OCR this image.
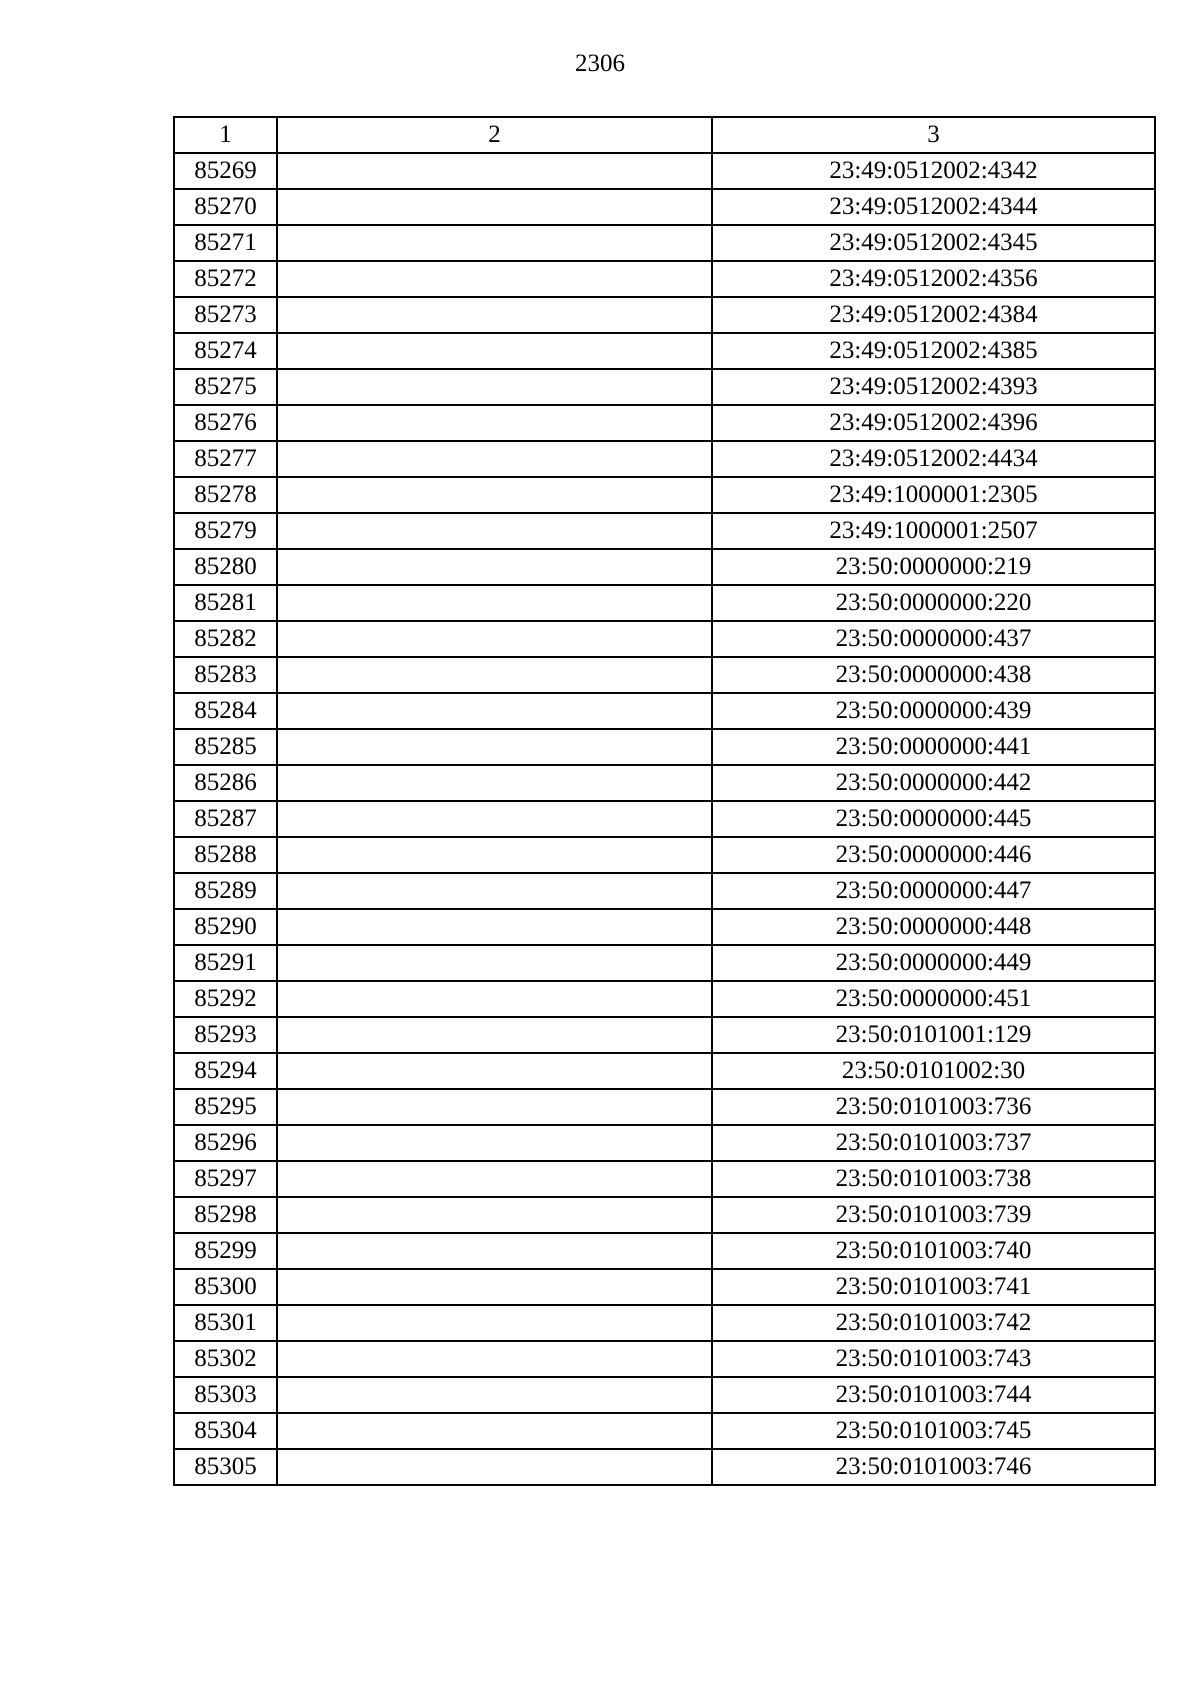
2306
1	2	3
85269		23:49:0512002:4342
85270		23:49:0512002:4344
85271		23:49:0512002:4345
85272		23:49:0512002:4356
85273		23:49:0512002:4384
85274		23:49:0512002:4385
85275		23:49:0512002:4393
85276		23:49:0512002:4396
85277		23:49:0512002:4434
85278		23:49:1000001:2305
85279		23:49:1000001:2507
85280		23:50:0000000:219
85281		23:50:0000000:220
85282		23:50:0000000:437
85283		23:50:0000000:438
85284		23:50:0000000:439
85285		23:50:0000000:441
85286		23:50:0000000:442
85287		23:50:0000000:445
85288		23:50:0000000:446
85289		23:50:0000000:447
85290		23:50:0000000:448
85291		23:50:0000000:449
85292		23:50:0000000:451
85293		23:50:0101001:129
85294		23:50:0101002:30
85295		23:50:0101003:736
85296		23:50:0101003:737
85297		23:50:0101003:738
85298		23:50:0101003:739
85299		23:50:0101003:740
85300		23:50:0101003:741
85301		23:50:0101003:742
85302		23:50:0101003:743
85303		23:50:0101003:744
85304		23:50:0101003:745
85305		23:50:0101003:746
